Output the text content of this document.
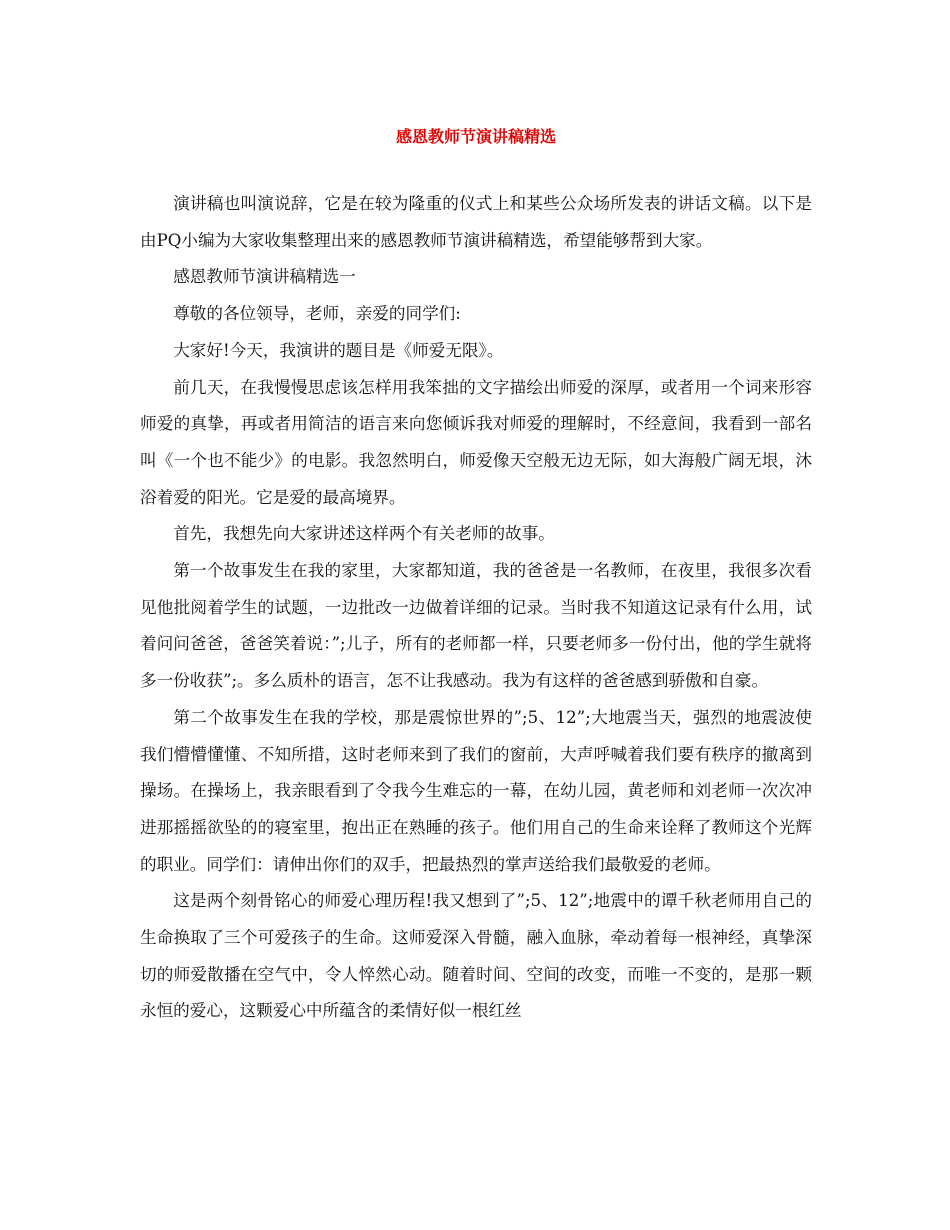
感恩教师节演讲稿精选

演讲稿也叫演说辞，它是在较为隆重的仪式上和某些公众场所发表的讲话文稿。以下是由PQ小编为大家收集整理出来的感恩教师节演讲稿精选，希望能够帮到大家。

感恩教师节演讲稿精选一

尊敬的各位领导，老师，亲爱的同学们:

大家好!今天，我演讲的题目是《师爱无限》。

前几天，在我慢慢思虑该怎样用我笨拙的文字描绘出师爱的深厚，或者用一个词来形容师爱的真挚，再或者用简洁的语言来向您倾诉我对师爱的理解时，不经意间，我看到一部名叫《一个也不能少》的电影。我忽然明白，师爱像天空般无边无际，如大海般广阔无垠，沐浴着爱的阳光。它是爱的最高境界。

首先，我想先向大家讲述这样两个有关老师的故事。

第一个故事发生在我的家里，大家都知道，我的爸爸是一名教师，在夜里，我很多次看见他批阅着学生的试题，一边批改一边做着详细的记录。当时我不知道这记录有什么用，试着问问爸爸，爸爸笑着说：”;儿子，所有的老师都一样，只要老师多一份付出，他的学生就将多一份收获”;。多么质朴的语言，怎不让我感动。我为有这样的爸爸感到骄傲和自豪。

第二个故事发生在我的学校，那是震惊世界的”;5、12”;大地震当天，强烈的地震波使我们懵懵懂懂、不知所措，这时老师来到了我们的窗前，大声呼喊着我们要有秩序的撤离到操场。在操场上，我亲眼看到了令我今生难忘的一幕，在幼儿园，黄老师和刘老师一次次冲进那摇摇欲坠的的寝室里，抱出正在熟睡的孩子。他们用自己的生命来诠释了教师这个光辉的职业。同学们：请伸出你们的双手，把最热烈的掌声送给我们最敬爱的老师。

这是两个刻骨铭心的师爱心理历程!我又想到了”;5、12”;地震中的谭千秋老师用自己的生命换取了三个可爱孩子的生命。这师爱深入骨髓，融入血脉，牵动着每一根神经，真挚深切的师爱散播在空气中，令人悴然心动。随着时间、空间的改变，而唯一不变的，是那一颗永恒的爱心，这颗爱心中所蕴含的柔情好似一根红丝
